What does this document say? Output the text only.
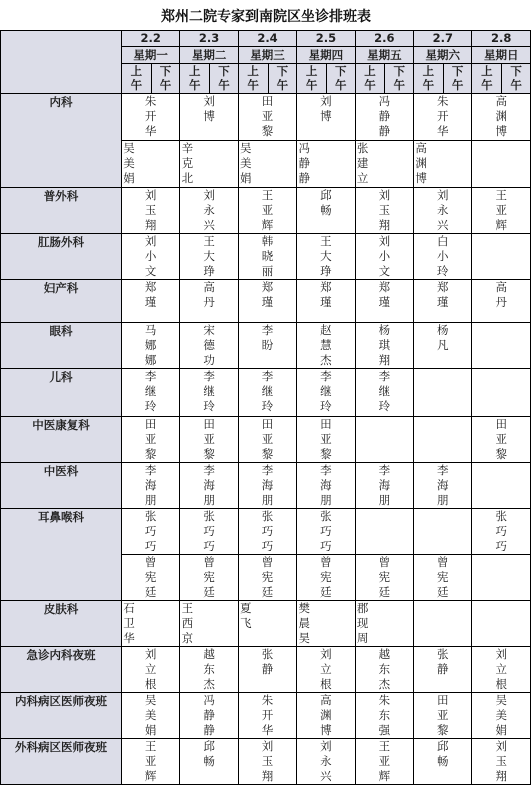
郑州二院专家到南院区坐诊排班表
	2.2		2.3		2.4		2.5		2.6		2.7		2.8	
	星期一		星期二		星期三		星期四		星期五		星期六		星期日	
	上午	下午	上午	下午	上午	下午	上午	下午	上午	下午	上午	下午	上午	下午
内科	朱开华		刘博		田亚黎		刘博		冯静静		朱开华		高渊博	
	吴美娟		辛克北		吴美娟		冯静静		张建立		高渊博			
普外科	刘玉翔		刘永兴		王亚辉		邱畅		刘玉翔		刘永兴		王亚辉	
肛肠外科	刘小文		王大琤		韩晓丽		王大琤		刘小文		白小玲			
妇产科	郑瑾		高丹		郑瑾		郑瑾		郑瑾		郑瑾		高丹	
眼科	马娜娜		宋德功		李盼		赵慧杰		杨琪翔		杨凡			
儿科	李继玲		李继玲		李继玲		李继玲		李继玲					
中医康复科	田亚黎		田亚黎		田亚黎		田亚黎						田亚黎	
中医科	李海朋		李海朋		李海朋		李海朋		李海朋		李海朋			
耳鼻喉科	张巧巧		张巧巧		张巧巧		张巧巧						张巧巧	
	曾宪廷		曾宪廷		曾宪廷		曾宪廷		曾宪廷		曾宪廷			
皮肤科	石卫华		王西京		夏飞		樊晨昊		郡现周					
急诊内科夜班	刘立根		越东杰		张静		刘立根		越东杰		张静		刘立根	
内科病区医师夜班	吴美娟		冯静静		朱开华		高渊博		朱东强		田亚黎		吴美娟	
外科病区医师夜班	王亚辉		邱畅		刘玉翔		刘永兴		王亚辉		邱畅		刘玉翔	
